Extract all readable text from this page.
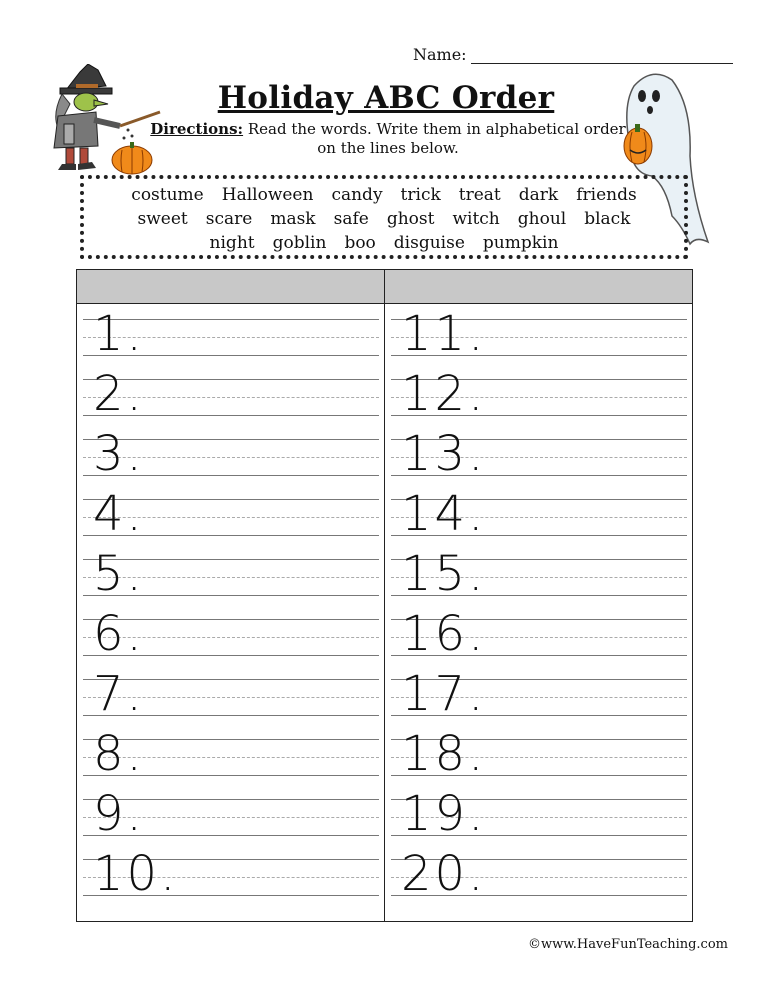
Name:
Holiday ABC Order
Directions: Read the words. Write them in alphabetical order
on the lines below.
costume Halloween candy trick treat dark friends
sweet scare mask safe ghost witch ghoul black
night goblin boo disguise pumpkin
1.
2.
3.
4.
5.
6.
7.
8.
9.
10.
11.
12.
13.
14.
15.
16.
17.
18.
19.
20.
©www.HaveFunTeaching.com
